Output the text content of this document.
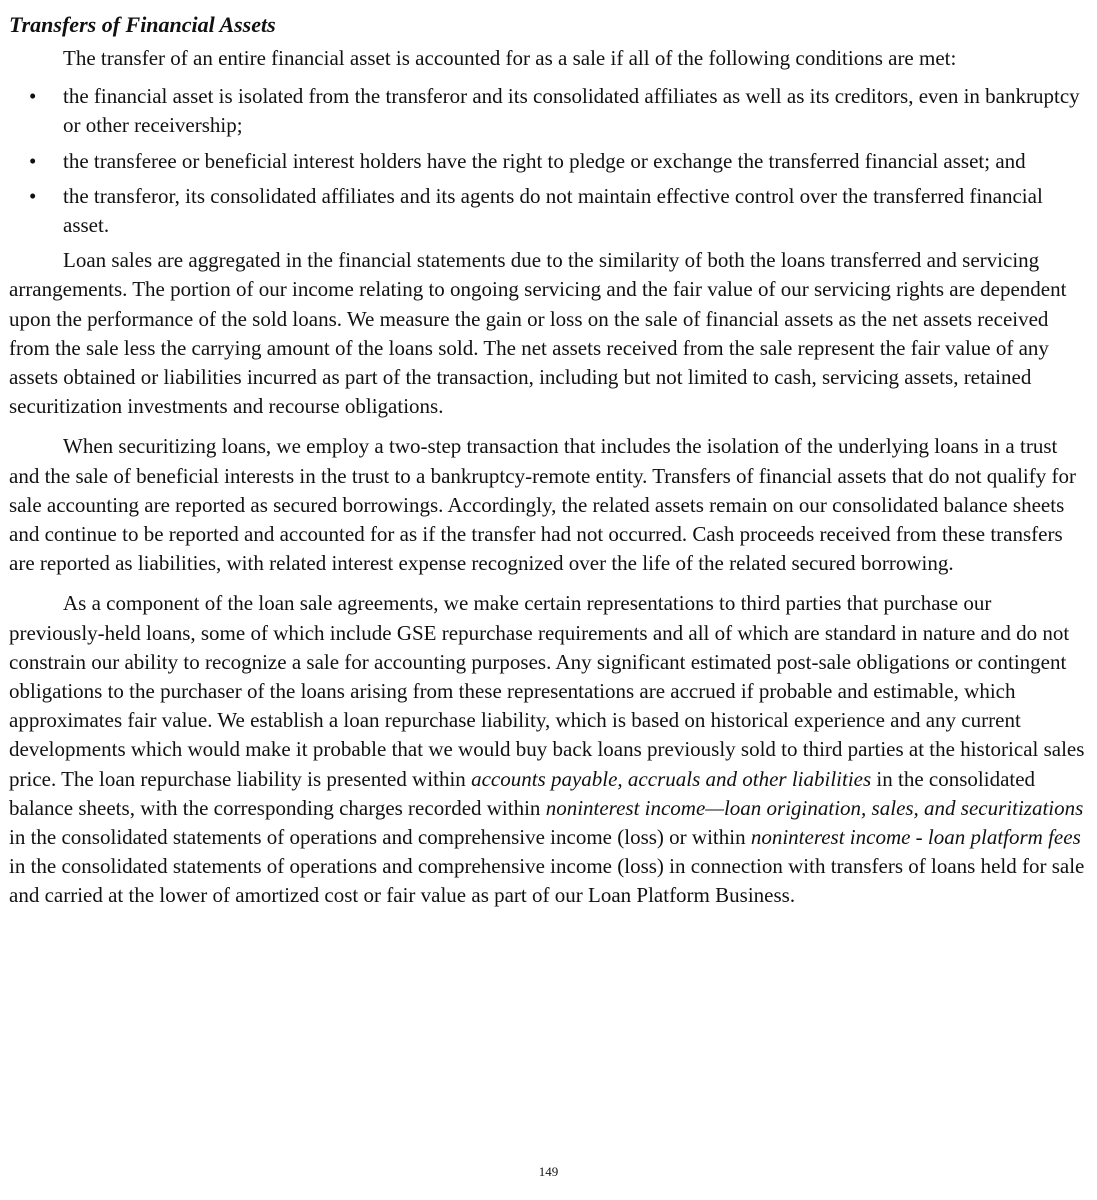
Transfers of Financial Assets

The transfer of an entire financial asset is accounted for as a sale if all of the following conditions are met:

• the financial asset is isolated from the transferor and its consolidated affiliates as well as its creditors, even in bankruptcy or other receivership;
• the transferee or beneficial interest holders have the right to pledge or exchange the transferred financial asset; and
• the transferor, its consolidated affiliates and its agents do not maintain effective control over the transferred financial asset.

Loan sales are aggregated in the financial statements due to the similarity of both the loans transferred and servicing arrangements. The portion of our income relating to ongoing servicing and the fair value of our servicing rights are dependent upon the performance of the sold loans. We measure the gain or loss on the sale of financial assets as the net assets received from the sale less the carrying amount of the loans sold. The net assets received from the sale represent the fair value of any assets obtained or liabilities incurred as part of the transaction, including but not limited to cash, servicing assets, retained securitization investments and recourse obligations.

When securitizing loans, we employ a two-step transaction that includes the isolation of the underlying loans in a trust and the sale of beneficial interests in the trust to a bankruptcy-remote entity. Transfers of financial assets that do not qualify for sale accounting are reported as secured borrowings. Accordingly, the related assets remain on our consolidated balance sheets and continue to be reported and accounted for as if the transfer had not occurred. Cash proceeds received from these transfers are reported as liabilities, with related interest expense recognized over the life of the related secured borrowing.

As a component of the loan sale agreements, we make certain representations to third parties that purchase our previously-held loans, some of which include GSE repurchase requirements and all of which are standard in nature and do not constrain our ability to recognize a sale for accounting purposes. Any significant estimated post-sale obligations or contingent obligations to the purchaser of the loans arising from these representations are accrued if probable and estimable, which approximates fair value. We establish a loan repurchase liability, which is based on historical experience and any current developments which would make it probable that we would buy back loans previously sold to third parties at the historical sales price. The loan repurchase liability is presented within accounts payable, accruals and other liabilities in the consolidated balance sheets, with the corresponding charges recorded within noninterest income—loan origination, sales, and securitizations in the consolidated statements of operations and comprehensive income (loss) or within noninterest income - loan platform fees in the consolidated statements of operations and comprehensive income (loss) in connection with transfers of loans held for sale and carried at the lower of amortized cost or fair value as part of our Loan Platform Business.

149
